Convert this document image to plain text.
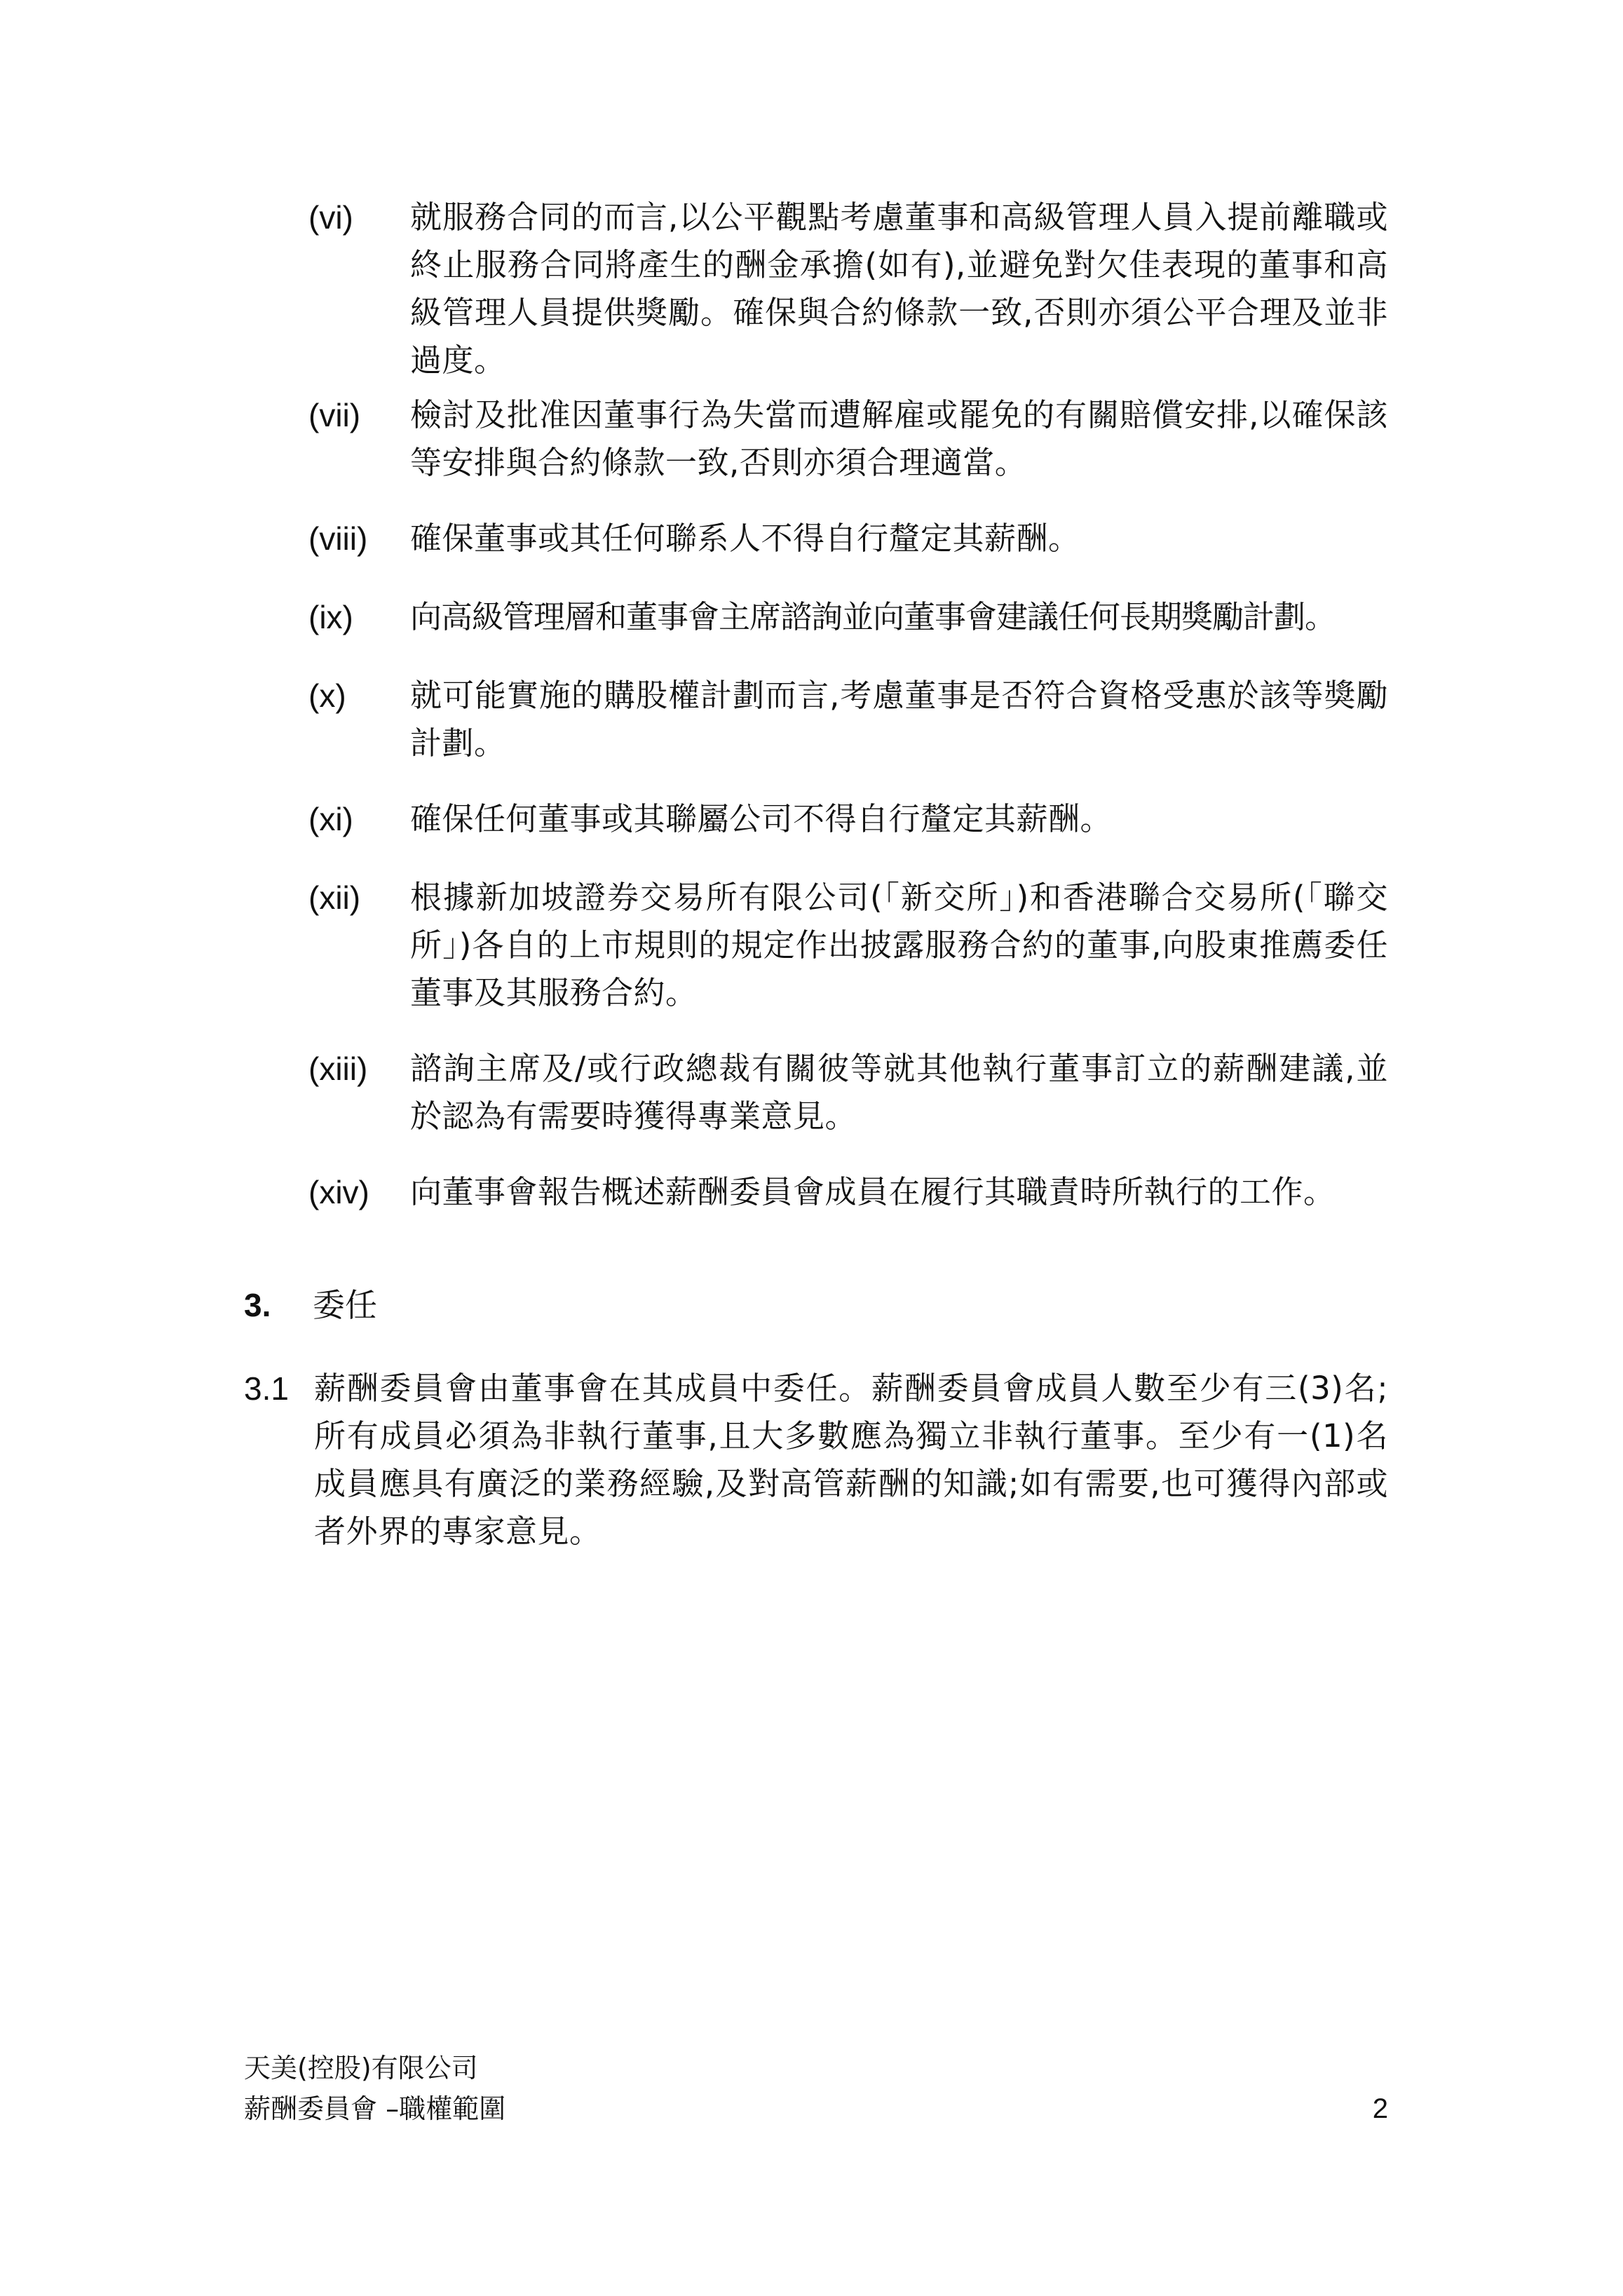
(vi)	就服務合同的而言,以公平觀點考慮董事和高級管理人員入提前離職或終止服務合同將產生的酬金承擔(如有),並避免對欠佳表現的董事和高級管理人員提供獎勵。確保與合約條款一致,否則亦須公平合理及並非過度。
(vii)	檢討及批准因董事行為失當而遭解雇或罷免的有關賠償安排,以確保該等安排與合約條款一致,否則亦須合理適當。
(viii)	確保董事或其任何聯系人不得自行釐定其薪酬。
(ix)	向高級管理層和董事會主席諮詢並向董事會建議任何長期獎勵計劃。
(x)	就可能實施的購股權計劃而言,考慮董事是否符合資格受惠於該等獎勵計劃。
(xi)	確保任何董事或其聯屬公司不得自行釐定其薪酬。
(xii)	根據新加坡證券交易所有限公司(「新交所」)和香港聯合交易所(「聯交所」)各自的上市規則的規定作出披露服務合約的董事,向股東推薦委任董事及其服務合約。
(xiii)	諮詢主席及/或行政總裁有關彼等就其他執行董事訂立的薪酬建議,並於認為有需要時獲得專業意見。
(xiv)	向董事會報告概述薪酬委員會成員在履行其職責時所執行的工作。
3. 委任
3.1 薪酬委員會由董事會在其成員中委任。薪酬委員會成員人數至少有三(3)名;所有成員必須為非執行董事,且大多數應為獨立非執行董事。至少有一(1)名成員應具有廣泛的業務經驗,及對高管薪酬的知識;如有需要,也可獲得內部或者外界的專家意見。
天美(控股)有限公司
薪酬委員會 –職權範圍	2
